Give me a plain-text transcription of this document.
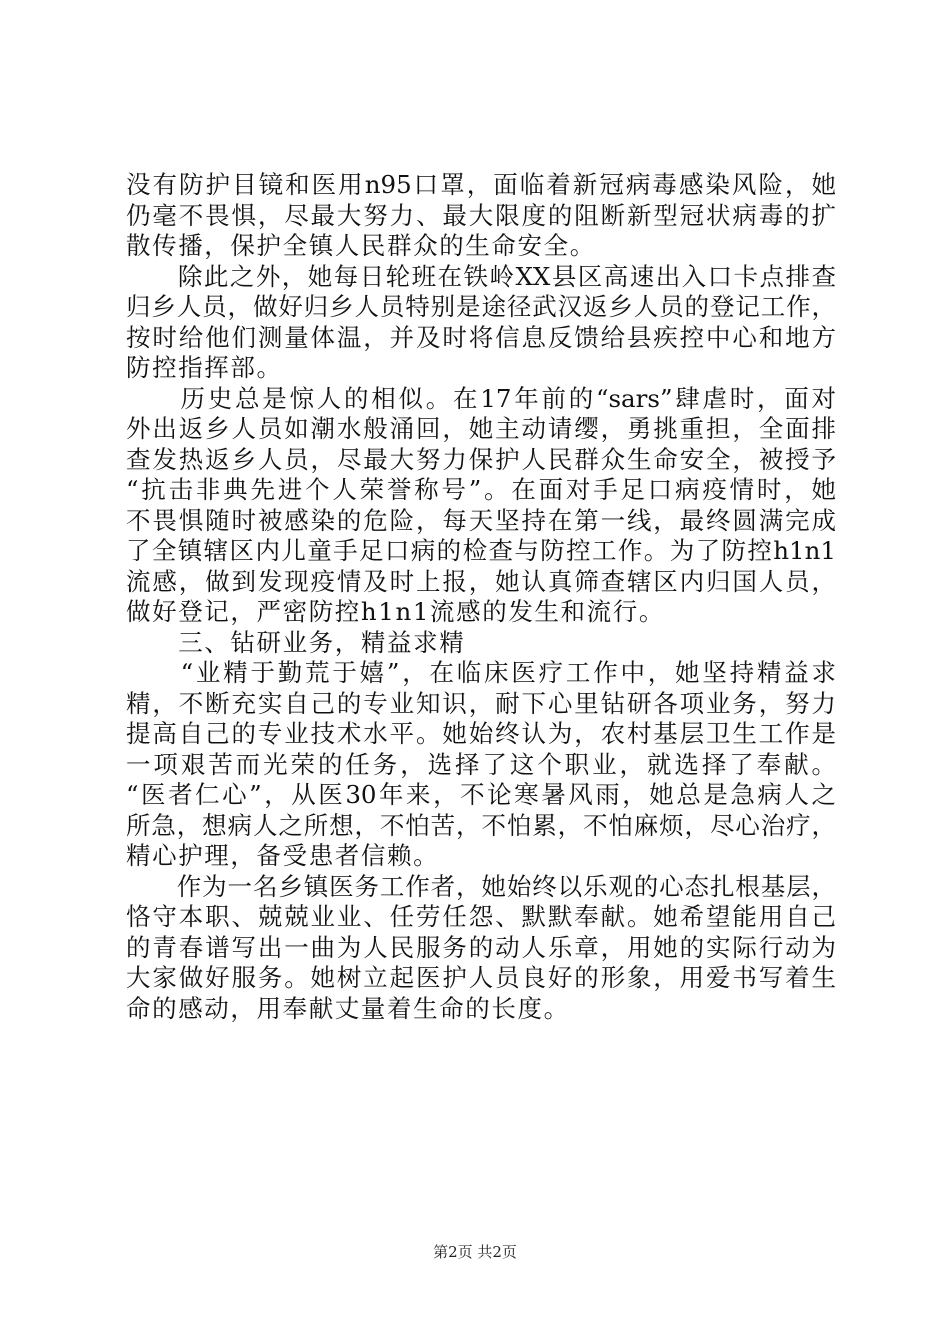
没有防护目镜和医用n95口罩，面临着新冠病毒感染风险，她
仍毫不畏惧，尽最大努力、最大限度的阻断新型冠状病毒的扩
散传播，保护全镇人民群众的生命安全。
　　除此之外，她每日轮班在铁岭XX县区高速出入口卡点排查
归乡人员，做好归乡人员特别是途径武汉返乡人员的登记工作，
按时给他们测量体温，并及时将信息反馈给县疾控中心和地方
防控指挥部。
　　历史总是惊人的相似。在17年前的“sars”肆虐时，面对
外出返乡人员如潮水般涌回，她主动请缨，勇挑重担，全面排
查发热返乡人员，尽最大努力保护人民群众生命安全，被授予
“抗击非典先进个人荣誉称号”。在面对手足口病疫情时，她
不畏惧随时被感染的危险，每天坚持在第一线，最终圆满完成
了全镇辖区内儿童手足口病的检查与防控工作。为了防控h1n1
流感，做到发现疫情及时上报，她认真筛查辖区内归国人员，
做好登记，严密防控h1n1流感的发生和流行。
　　三、钻研业务，精益求精
　　“业精于勤荒于嬉”，在临床医疗工作中，她坚持精益求
精，不断充实自己的专业知识，耐下心里钻研各项业务，努力
提高自己的专业技术水平。她始终认为，农村基层卫生工作是
一项艰苦而光荣的任务，选择了这个职业，就选择了奉献。
“医者仁心”，从医30年来，不论寒暑风雨，她总是急病人之
所急，想病人之所想，不怕苦，不怕累，不怕麻烦，尽心治疗，
精心护理，备受患者信赖。
　　作为一名乡镇医务工作者，她始终以乐观的心态扎根基层，
恪守本职、兢兢业业、任劳任怨、默默奉献。她希望能用自己
的青春谱写出一曲为人民服务的动人乐章，用她的实际行动为
大家做好服务。她树立起医护人员良好的形象，用爱书写着生
命的感动，用奉献丈量着生命的长度。
第2页 共2页
